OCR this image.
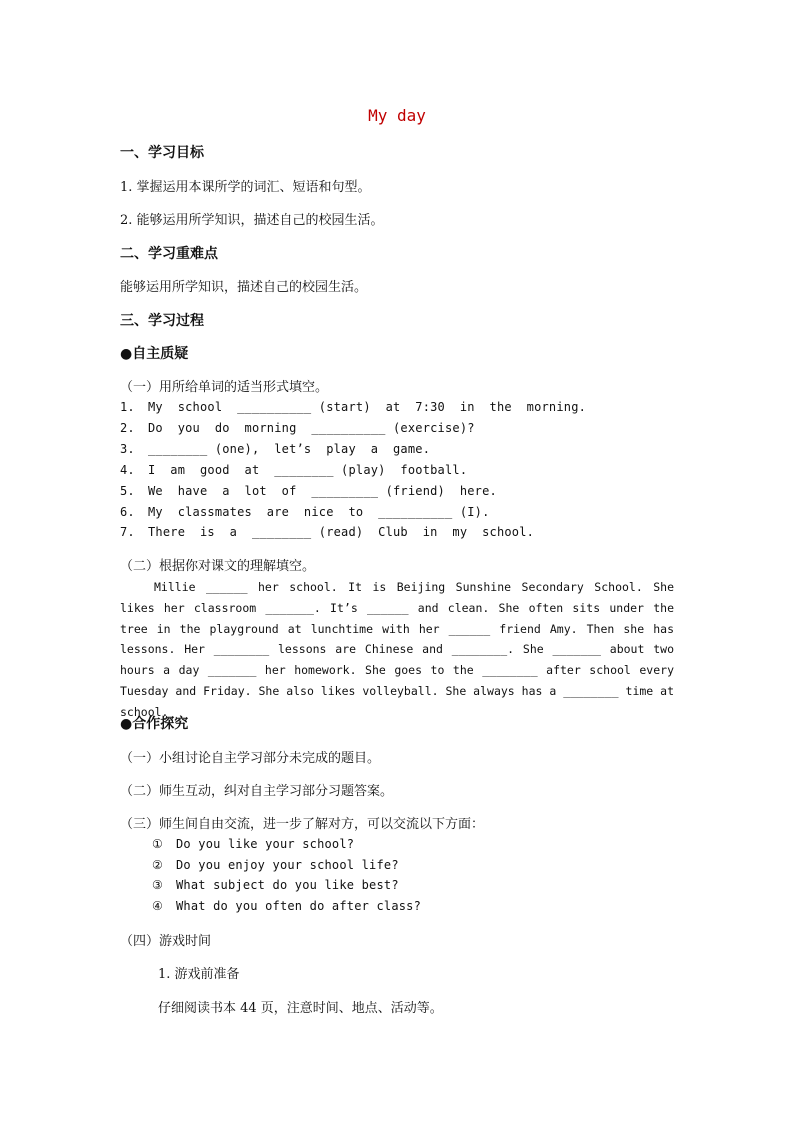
My day
一、学习目标
1. 掌握运用本课所学的词汇、短语和句型。
2. 能够运用所学知识，描述自己的校园生活。
二、学习重难点
能够运用所学知识，描述自己的校园生活。
三、学习过程
●自主质疑
（一）用所给单词的适当形式填空。
1.	My  school  __________ (start)  at  7:30  in  the  morning.
2.	Do  you  do  morning  __________ (exercise)?
3.	________ (one),  let’s  play  a  game.
4.	I  am  good  at  ________ (play)  football.
5.	We  have  a  lot  of  _________ (friend)  here.
6.	My  classmates  are  nice  to  __________ (I).
7.	There  is  a  ________ (read)  Club  in  my  school.
（二）根据你对课文的理解填空。
Millie ______ her school. It is Beijing Sunshine Secondary School. She likes her classroom _______. It’s ______ and clean. She often sits under the tree in the playground at lunchtime with her ______ friend Amy. Then she has lessons. Her ________ lessons are Chinese and ________. She _______ about two hours a day _______ her homework. She goes to the ________ after school every Tuesday and Friday. She also likes volleyball. She always has a ________ time at school.
●合作探究
（一）小组讨论自主学习部分未完成的题目。
（二）师生互动，纠对自主学习部分习题答案。
（三）师生间自由交流，进一步了解对方，可以交流以下方面：
①	Do you like your school?
②	Do you enjoy your school life?
③	What subject do you like best?
④	What do you often do after class?
（四）游戏时间
1. 游戏前准备
仔细阅读书本 44 页，注意时间、地点、活动等。
